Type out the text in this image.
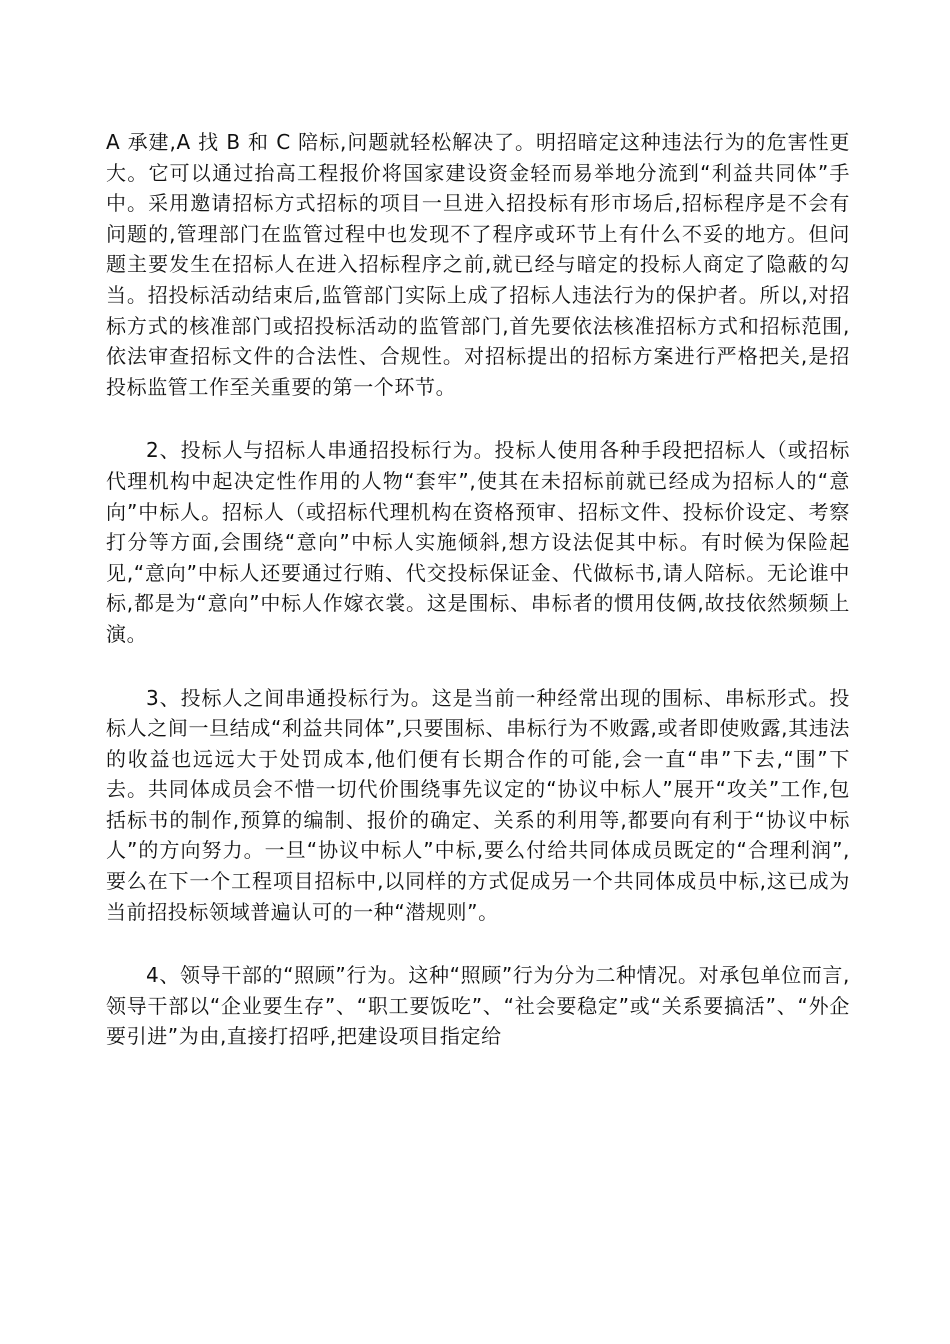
A 承建,A 找 B 和 C 陪标,问题就轻松解决了。明招暗定这种违法行为的危害性更大。它可以通过抬高工程报价将国家建设资金轻而易举地分流到“利益共同体”手中。采用邀请招标方式招标的项目一旦进入招投标有形市场后,招标程序是不会有问题的,管理部门在监管过程中也发现不了程序或环节上有什么不妥的地方。但问题主要发生在招标人在进入招标程序之前,就已经与暗定的投标人商定了隐蔽的勾当。招投标活动结束后,监管部门实际上成了招标人违法行为的保护者。所以,对招标方式的核准部门或招投标活动的监管部门,首先要依法核准招标方式和招标范围,依法审查招标文件的合法性、合规性。对招标提出的招标方案进行严格把关,是招投标监管工作至关重要的第一个环节。

2、投标人与招标人串通招投标行为。投标人使用各种手段把招标人（或招标代理机构中起决定性作用的人物“套牢”,使其在未招标前就已经成为招标人的“意向”中标人。招标人（或招标代理机构在资格预审、招标文件、投标价设定、考察打分等方面,会围绕“意向”中标人实施倾斜,想方设法促其中标。有时候为保险起见,“意向”中标人还要通过行贿、代交投标保证金、代做标书,请人陪标。无论谁中标,都是为“意向”中标人作嫁衣裳。这是围标、串标者的惯用伎俩,故技依然频频上演。

3、投标人之间串通投标行为。这是当前一种经常出现的围标、串标形式。投标人之间一旦结成“利益共同体”,只要围标、串标行为不败露,或者即使败露,其违法的收益也远远大于处罚成本,他们便有长期合作的可能,会一直“串”下去,“围”下去。共同体成员会不惜一切代价围绕事先议定的“协议中标人”展开“攻关”工作,包括标书的制作,预算的编制、报价的确定、关系的利用等,都要向有利于“协议中标人”的方向努力。一旦“协议中标人”中标,要么付给共同体成员既定的“合理利润”,要么在下一个工程项目招标中,以同样的方式促成另一个共同体成员中标,这已成为当前招投标领域普遍认可的一种“潜规则”。

4、领导干部的“照顾”行为。这种“照顾”行为分为二种情况。对承包单位而言,领导干部以“企业要生存”、“职工要饭吃”、“社会要稳定”或“关系要搞活”、“外企要引进”为由,直接打招呼,把建设项目指定给
